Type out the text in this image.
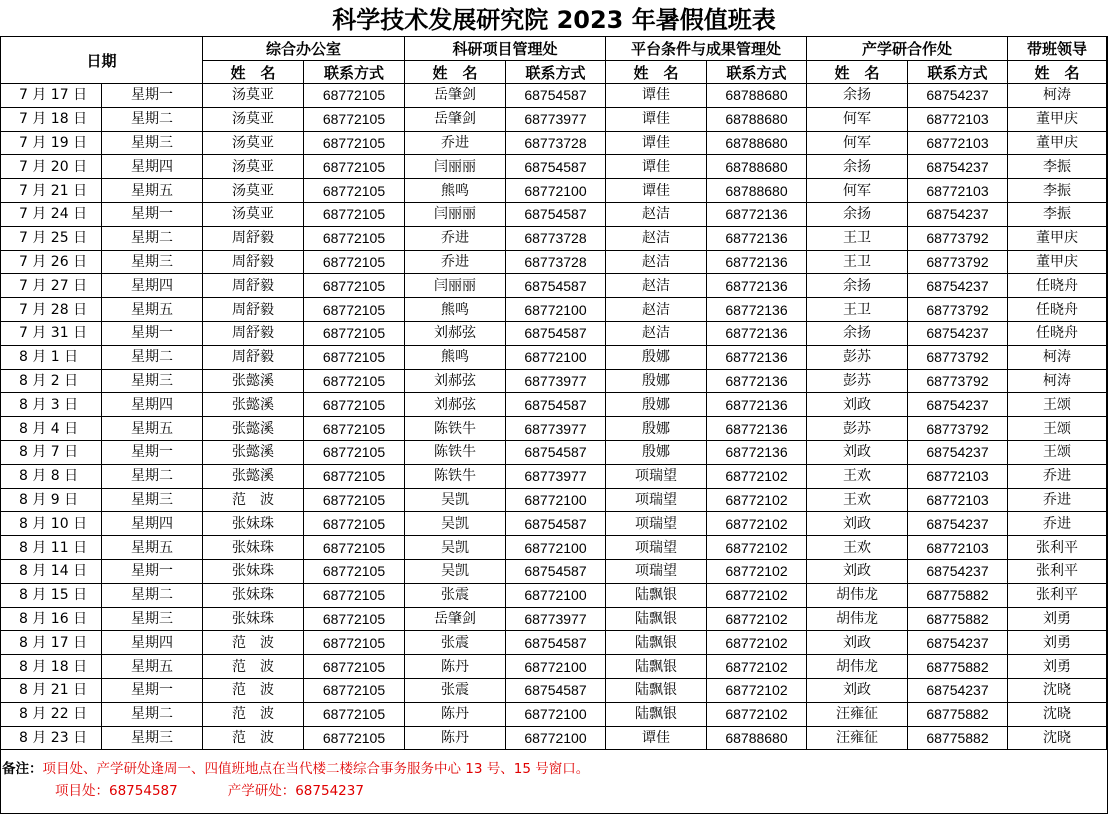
科学技术发展研究院 2023 年暑假值班表
日期		综合办公室		科研项目管理处		平台条件与成果管理处		产学研合作处		带班领导
		姓　名	联系方式	姓　名	联系方式	姓　名	联系方式	姓　名	联系方式	姓　名
7 月 17 日	星期一	汤莫亚	68772105	岳肇剑	68754587	谭佳	68788680	余扬	68754237	柯涛
7 月 18 日	星期二	汤莫亚	68772105	岳肇剑	68773977	谭佳	68788680	何军	68772103	董甲庆
7 月 19 日	星期三	汤莫亚	68772105	乔进	68773728	谭佳	68788680	何军	68772103	董甲庆
7 月 20 日	星期四	汤莫亚	68772105	闫丽丽	68754587	谭佳	68788680	余扬	68754237	李振
7 月 21 日	星期五	汤莫亚	68772105	熊鸣	68772100	谭佳	68788680	何军	68772103	李振
7 月 24 日	星期一	汤莫亚	68772105	闫丽丽	68754587	赵洁	68772136	余扬	68754237	李振
7 月 25 日	星期二	周舒毅	68772105	乔进	68773728	赵洁	68772136	王卫	68773792	董甲庆
7 月 26 日	星期三	周舒毅	68772105	乔进	68773728	赵洁	68772136	王卫	68773792	董甲庆
7 月 27 日	星期四	周舒毅	68772105	闫丽丽	68754587	赵洁	68772136	余扬	68754237	任晓舟
7 月 28 日	星期五	周舒毅	68772105	熊鸣	68772100	赵洁	68772136	王卫	68773792	任晓舟
7 月 31 日	星期一	周舒毅	68772105	刘郝弦	68754587	赵洁	68772136	余扬	68754237	任晓舟
8 月 1 日	星期二	周舒毅	68772105	熊鸣	68772100	殷娜	68772136	彭苏	68773792	柯涛
8 月 2 日	星期三	张懿溪	68772105	刘郝弦	68773977	殷娜	68772136	彭苏	68773792	柯涛
8 月 3 日	星期四	张懿溪	68772105	刘郝弦	68754587	殷娜	68772136	刘政	68754237	王颂
8 月 4 日	星期五	张懿溪	68772105	陈铁牛	68773977	殷娜	68772136	彭苏	68773792	王颂
8 月 7 日	星期一	张懿溪	68772105	陈铁牛	68754587	殷娜	68772136	刘政	68754237	王颂
8 月 8 日	星期二	张懿溪	68772105	陈铁牛	68773977	项瑞望	68772102	王欢	68772103	乔进
8 月 9 日	星期三	范　波	68772105	吴凯	68772100	项瑞望	68772102	王欢	68772103	乔进
8 月 10 日	星期四	张妹珠	68772105	吴凯	68754587	项瑞望	68772102	刘政	68754237	乔进
8 月 11 日	星期五	张妹珠	68772105	吴凯	68772100	项瑞望	68772102	王欢	68772103	张利平
8 月 14 日	星期一	张妹珠	68772105	吴凯	68754587	项瑞望	68772102	刘政	68754237	张利平
8 月 15 日	星期二	张妹珠	68772105	张震	68772100	陆飘银	68772102	胡伟龙	68775882	张利平
8 月 16 日	星期三	张妹珠	68772105	岳肇剑	68773977	陆飘银	68772102	胡伟龙	68775882	刘勇
8 月 17 日	星期四	范　波	68772105	张震	68754587	陆飘银	68772102	刘政	68754237	刘勇
8 月 18 日	星期五	范　波	68772105	陈丹	68772100	陆飘银	68772102	胡伟龙	68775882	刘勇
8 月 21 日	星期一	范　波	68772105	张震	68754587	陆飘银	68772102	刘政	68754237	沈晓
8 月 22 日	星期二	范　波	68772105	陈丹	68772100	陆飘银	68772102	汪雍征	68775882	沈晓
8 月 23 日	星期三	范　波	68772105	陈丹	68772100	谭佳	68788680	汪雍征	68775882	沈晓
备注：项目处、产学研处逢周一、四值班地点在当代楼二楼综合事务服务中心 13 号、15 号窗口。
项目处：68754587	产学研处：68754237
